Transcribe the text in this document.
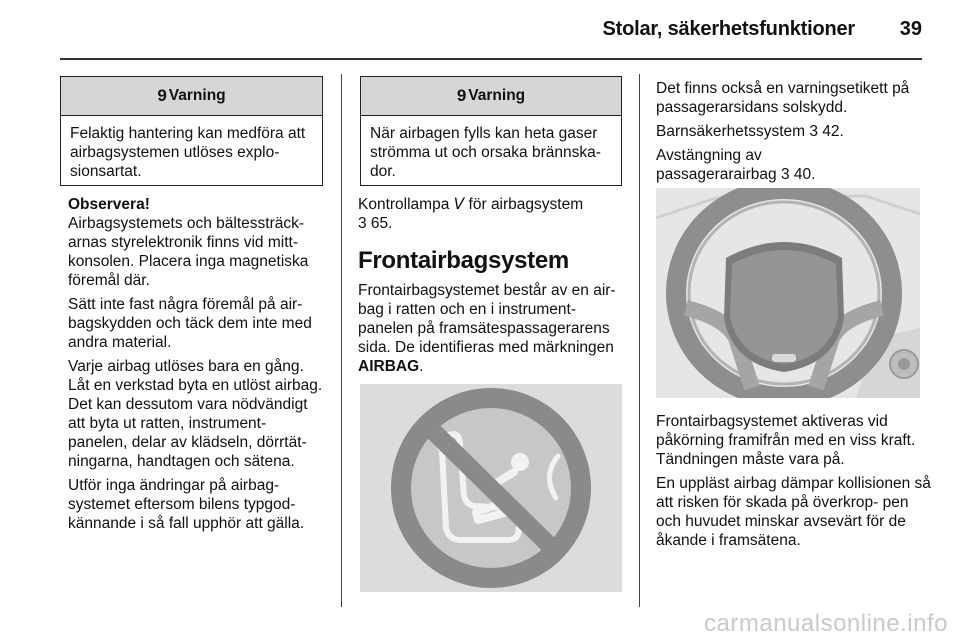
Stolar, säkerhetsfunktioner 39
9 Varning
Felaktig hantering kan medföra att airbagsystemen utlöses explo- sionsartat.
Observera!

Airbagsystemets och bältessträck- arnas styrelektronik finns vid mitt- konsolen. Placera inga magnetiska föremål där.

Sätt inte fast några föremål på air- bagskydden och täck dem inte med andra material.

Varje airbag utlöses bara en gång. Låt en verkstad byta en utlöst airbag. Det kan dessutom vara nödvändigt att byta ut ratten, instrument- panelen, delar av klädseln, dörrtät- ningarna, handtagen och sätena.

Utför inga ändringar på airbag- systemet eftersom bilens typgod- kännande i så fall upphör att gälla.

9 Varning
När airbagen fylls kan heta gaser strömma ut och orsaka brännska- dor.
Kontrollampa 𝘝 för airbagsystem
3 65.
Frontairbagsystem

Frontairbagsystemet består av en air- bag i ratten och en i instrument- panelen på framsätespassagerarens sida. De identifieras med märkningen AIRBAG.

Det finns också en varningsetikett på passagerarsidans solskydd.

Barnsäkerhetssystem 3 42.

Avstängning av passagerarairbag 3 40.

Frontairbagsystemet aktiveras vid påkörning framifrån med en viss kraft. Tändningen måste vara på.

En uppläst airbag dämpar kollisionen så att risken för skada på överkrop- pen och huvudet minskar avsevärt för de åkande i framsätena.

carmanualsonline.info
